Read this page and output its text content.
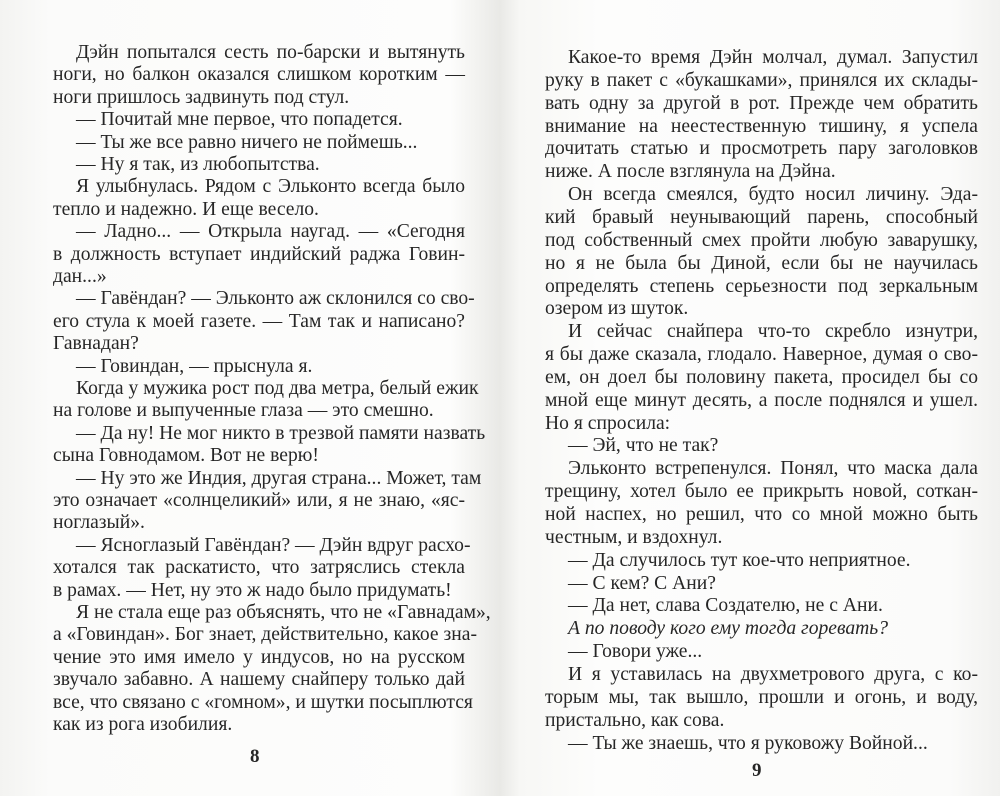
Дэйн попытался сесть по-барски и вытянуть
ноги, но балкон оказался слишком коротким —
ноги пришлось задвинуть под стул.
— Почитай мне первое, что попадется.
— Ты же все равно ничего не поймешь...
— Ну я так, из любопытства.
Я улыбнулась. Рядом с Эльконто всегда было
тепло и надежно. И еще весело.
— Ладно... — Открыла наугад. — «Сегодня
в должность вступает индийский раджа Говин-
дан...»
— Гавёндан? — Эльконто аж склонился со сво-
его стула к моей газете. — Там так и написано?
Гавнадан?
— Говиндан, — прыснула я.
Когда у мужика рост под два метра, белый ежик
на голове и выпученные глаза — это смешно.
— Да ну! Не мог никто в трезвой памяти назвать
сына Говнодамом. Вот не верю!
— Ну это же Индия, другая страна... Может, там
это означает «солнцеликий» или, я не знаю, «яс-
ноглазый».
— Ясноглазый Гавёндан? — Дэйн вдруг расхо-
хотался так раскатисто, что затряслись стекла
в рамах. — Нет, ну это ж надо было придумать!
Я не стала еще раз объяснять, что не «Гавнадам»,
а «Говиндан». Бог знает, действительно, какое зна-
чение это имя имело у индусов, но на русском
звучало забавно. А нашему снайперу только дай
все, что связано с «гомном», и шутки посыплются
как из рога изобилия.
Какое-то время Дэйн молчал, думал. Запустил
руку в пакет с «букашками», принялся их склады-
вать одну за другой в рот. Прежде чем обратить
внимание на неестественную тишину, я успела
дочитать статью и просмотреть пару заголовков
ниже. А после взглянула на Дэйна.
Он всегда смеялся, будто носил личину. Эда-
кий бравый неунывающий парень, способный
под собственный смех пройти любую заварушку,
но я не была бы Диной, если бы не научилась
определять степень серьезности под зеркальным
озером из шуток.
И сейчас снайпера что-то скребло изнутри,
я бы даже сказала, глодало. Наверное, думая о сво-
ем, он доел бы половину пакета, просидел бы со
мной еще минут десять, а после поднялся и ушел.
Но я спросила:
— Эй, что не так?
Эльконто встрепенулся. Понял, что маска дала
трещину, хотел было ее прикрыть новой, соткан-
ной наспех, но решил, что со мной можно быть
честным, и вздохнул.
— Да случилось тут кое-что неприятное.
— С кем? С Ани?
— Да нет, слава Создателю, не с Ани.
А по поводу кого ему тогда горевать?
— Говори уже...
И я уставилась на двухметрового друга, с ко-
торым мы, так вышло, прошли и огонь, и воду,
пристально, как сова.
— Ты же знаешь, что я руковожу Войной...
8
9
